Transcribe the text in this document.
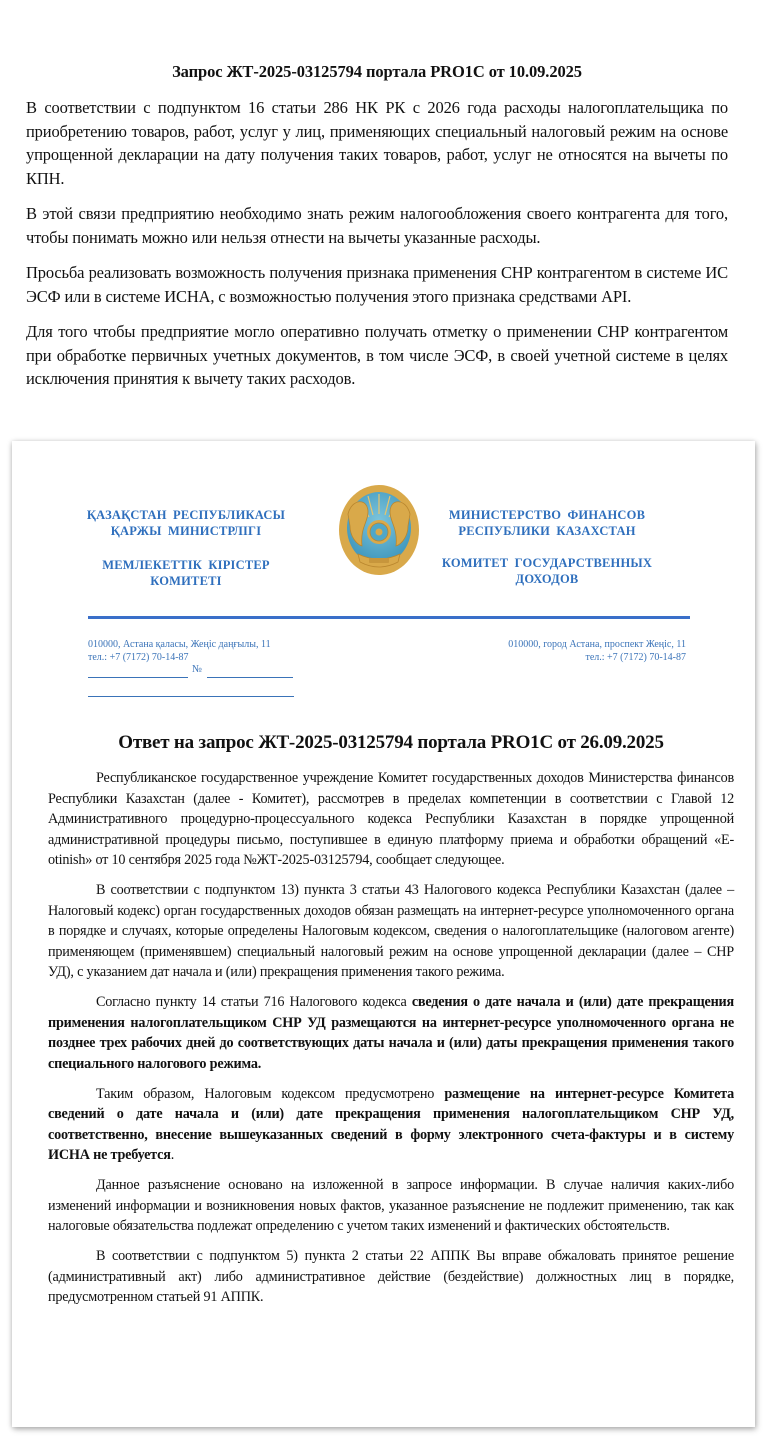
Запрос ЖТ-2025-03125794 портала PRO1C от 10.09.2025

В соответствии с подпунктом 16 статьи 286 НК РК с 2026 года расходы налогоплательщика по приобретению товаров, работ, услуг у лиц, применяющих специальный налоговый режим на основе упрощенной декларации на дату получения таких товаров, работ, услуг не относятся на вычеты по КПН.

В этой связи предприятию необходимо знать режим налогообложения своего контрагента для того, чтобы понимать можно или нельзя отнести на вычеты указанные расходы.

Просьба реализовать возможность получения признака применения СНР контрагентом в системе ИС ЭСФ или в системе ИСНА, с возможностью получения этого признака средствами API.

Для того чтобы предприятие могло оперативно получать отметку о применении СНР контрагентом при обработке первичных учетных документов, в том числе ЭСФ, в своей учетной системе в целях исключения принятия к вычету таких расходов.

ҚАЗАҚСТАН РЕСПУБЛИКАСЫ
ҚАРЖЫ МИНИСТРЛІГІ
МЕМЛЕКЕТТІК КІРІСТЕР
КОМИТЕТІ
МИНИСТЕРСТВО ФИНАНСОВ
РЕСПУБЛИКИ КАЗАХСТАН
КОМИТЕТ ГОСУДАРСТВЕННЫХ
ДОХОДОВ
010000, Астана қаласы, Жеңіс даңғылы, 11
тел.: +7 (7172) 70-14-87
010000, город Астана, проспект Жеңіс, 11
тел.: +7 (7172) 70-14-87
№
Ответ на запрос ЖТ-2025-03125794 портала PRO1C от 26.09.2025

Республиканское государственное учреждение Комитет государственных доходов Министерства финансов Республики Казахстан (далее - Комитет), рассмотрев в пределах компетенции в соответствии с Главой 12 Административного процедурно-процессуального кодекса Республики Казахстан в порядке упрощенной административной процедуры письмо, поступившее в единую платформу приема и обработки обращений «E-otinish» от 10 сентября 2025 года №ЖТ-2025-03125794, сообщает следующее.

В соответствии с подпунктом 13) пункта 3 статьи 43 Налогового кодекса Республики Казахстан (далее – Налоговый кодекс) орган государственных доходов обязан размещать на интернет-ресурсе уполномоченного органа в порядке и случаях, которые определены Налоговым кодексом, сведения о налогоплательщике (налоговом агенте) применяющем (применявшем) специальный налоговый режим на основе упрощенной декларации (далее – СНР УД), с указанием дат начала и (или) прекращения применения такого режима.

Согласно пункту 14 статьи 716 Налогового кодекса сведения о дате начала и (или) дате прекращения применения налогоплательщиком СНР УД размещаются на интернет-ресурсе уполномоченного органа не позднее трех рабочих дней до соответствующих даты начала и (или) даты прекращения применения такого специального налогового режима.

Таким образом, Налоговым кодексом предусмотрено размещение на интернет-ресурсе Комитета сведений о дате начала и (или) дате прекращения применения налогоплательщиком СНР УД, соответственно, внесение вышеуказанных сведений в форму электронного счета-фактуры и в систему ИСНА не требуется.

Данное разъяснение основано на изложенной в запросе информации. В случае наличия каких-либо изменений информации и возникновения новых фактов, указанное разъяснение не подлежит применению, так как налоговые обязательства подлежат определению с учетом таких изменений и фактических обстоятельств.

В соответствии с подпунктом 5) пункта 2 статьи 22 АППК Вы вправе обжаловать принятое решение (административный акт) либо административное действие (бездействие) должностных лиц в порядке, предусмотренном статьей 91 АППК.
